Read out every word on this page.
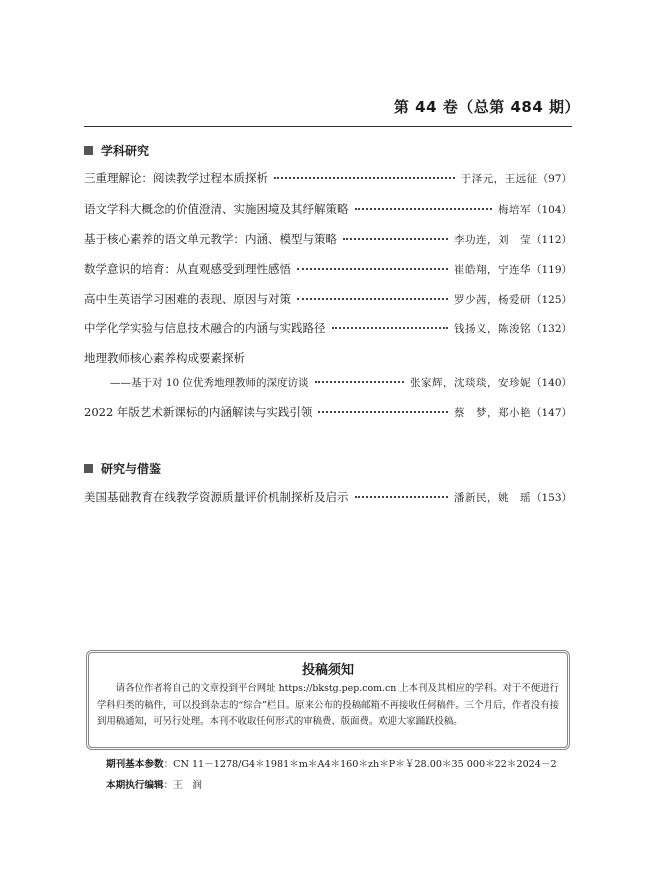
第 44 卷（总第 484 期）
学科研究
三重理解论：阅读教学过程本质探析	于泽元，王远征 （97）
语文学科大概念的价值澄清、实施困境及其纾解策略	梅培军 （104）
基于核心素养的语文单元教学：内涵、模型与策略	李功连，刘　莹 （112）
数学意识的培育：从直观感受到理性感悟	崔皓翔，宁连华 （119）
高中生英语学习困难的表现、原因与对策	罗少茜，杨爱研 （125）
中学化学实验与信息技术融合的内涵与实践路径	钱扬义，陈浚铭 （132）
地理教师核心素养构成要素探析
——基于对 10 位优秀地理教师的深度访谈	张家辉，沈琰琰，安珍妮 （140）
2022 年版艺术新课标的内涵解读与实践引领	蔡　梦，郑小艳 （147）
研究与借鉴
美国基础教育在线教学资源质量评价机制探析及启示	潘新民，姚　瑶 （153）
投稿须知
请各位作者将自己的文章投到平台网址 https://bkstg.pep.com.cn 上本刊及其相应的学科。对于不便进行学科归类的稿件，可以投到杂志的“综合”栏目。原来公布的投稿邮箱不再接收任何稿件。三个月后，作者没有接到用稿通知，可另行处理。本刊不收取任何形式的审稿费、版面费。欢迎大家踊跃投稿。
期刊基本参数：CN 11－1278/G4＊1981＊m＊A4＊160＊zh＊P＊￥28.00＊35 000＊22＊2024－2
本期执行编辑：王　润
